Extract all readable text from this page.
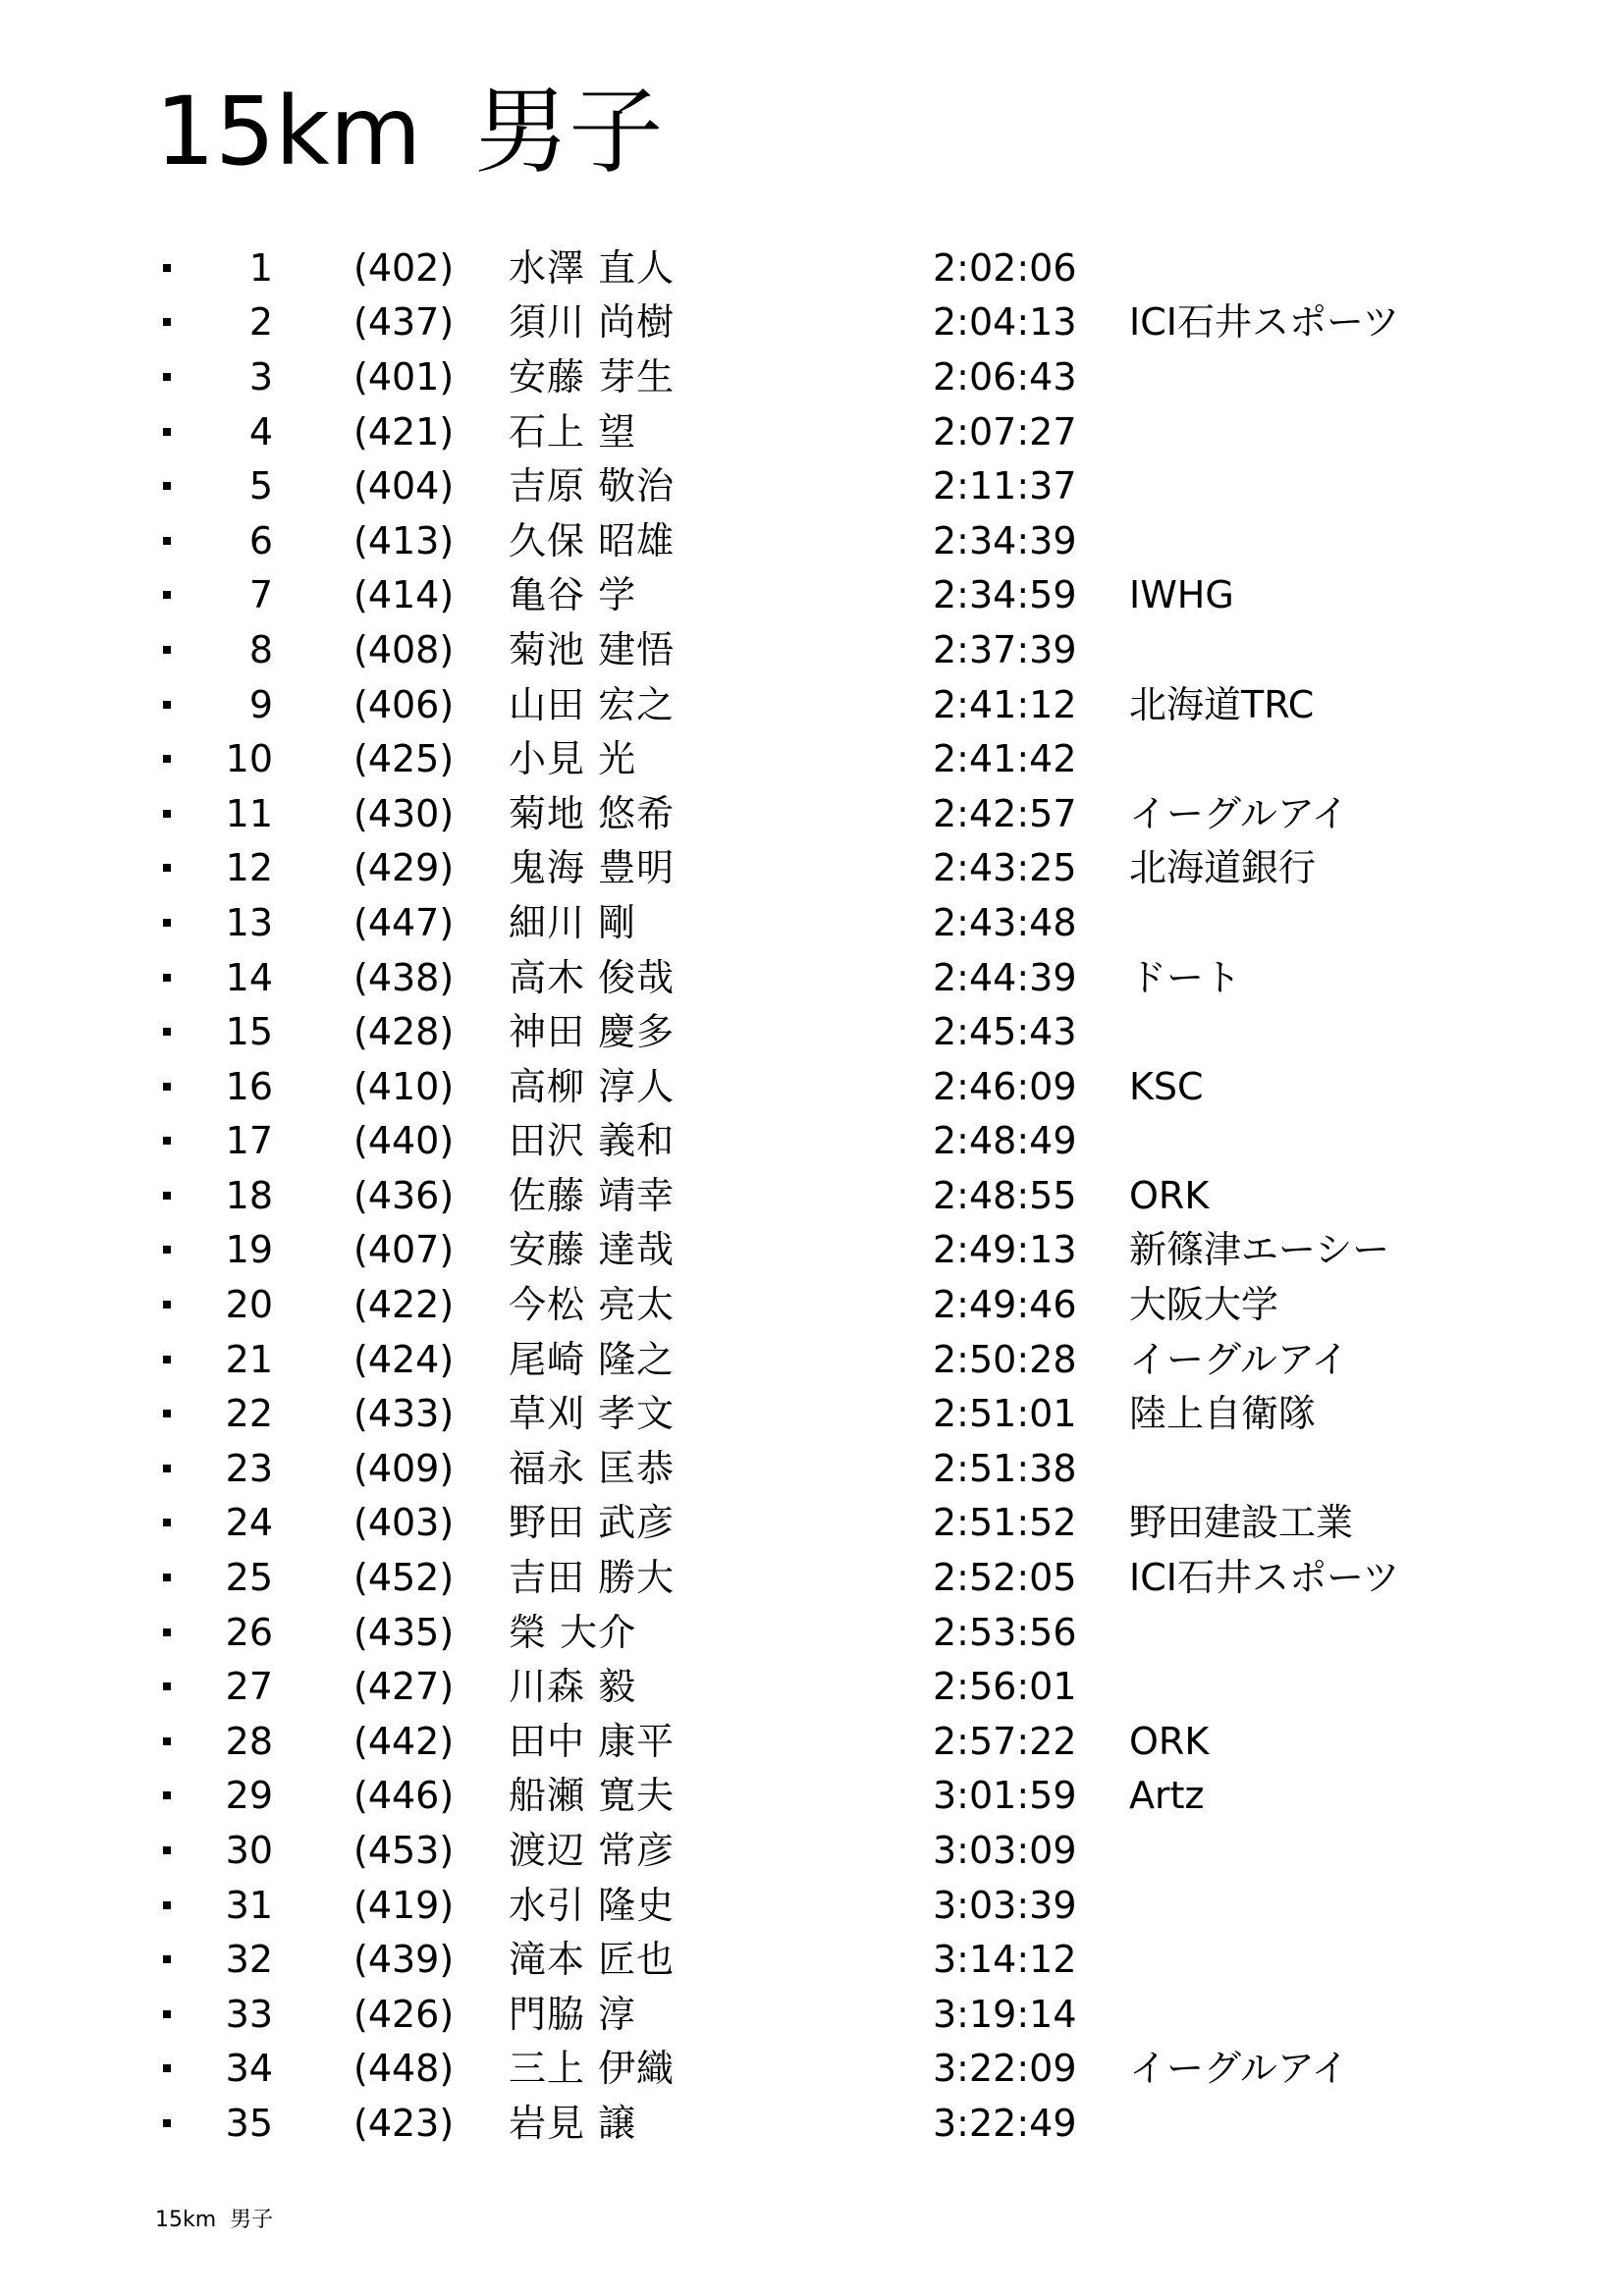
15km 男子
1 (402) 水澤 直人	2:02:06
2 (437) 須川 尚樹	2:04:13 ICI石井スポーツ
3 (401) 安藤 芽生	2:06:43
4 (421) 石上 望	2:07:27
5 (404) 吉原 敬治	2:11:37
6 (413) 久保 昭雄	2:34:39
7 (414) 亀谷 学	2:34:59 IWHG
8 (408) 菊池 建悟	2:37:39
9 (406) 山田 宏之	2:41:12 北海道TRC
10 (425) 小見 光	2:41:42
11 (430) 菊地 悠希	2:42:57 イーグルアイ
12 (429) 鬼海 豊明	2:43:25 北海道銀行
13 (447) 細川 剛	2:43:48
14 (438) 高木 俊哉	2:44:39 ドート
15 (428) 神田 慶多	2:45:43
16 (410) 高柳 淳人	2:46:09 KSC
17 (440) 田沢 義和	2:48:49
18 (436) 佐藤 靖幸	2:48:55 ORK
19 (407) 安藤 達哉	2:49:13 新篠津エーシー
20 (422) 今松 亮太	2:49:46 大阪大学
21 (424) 尾崎 隆之	2:50:28 イーグルアイ
22 (433) 草刈 孝文	2:51:01 陸上自衛隊
23 (409) 福永 匡恭	2:51:38
24 (403) 野田 武彦	2:51:52 野田建設工業
25 (452) 吉田 勝大	2:52:05 ICI石井スポーツ
26 (435) 榮 大介	2:53:56
27 (427) 川森 毅	2:56:01
28 (442) 田中 康平	2:57:22 ORK
29 (446) 船瀬 寛夫	3:01:59 Artz
30 (453) 渡辺 常彦	3:03:09
31 (419) 水引 隆史	3:03:39
32 (439) 滝本 匠也	3:14:12
33 (426) 門脇 淳	3:19:14
34 (448) 三上 伊織	3:22:09 イーグルアイ
35 (423) 岩見 譲	3:22:49
15km 男子
